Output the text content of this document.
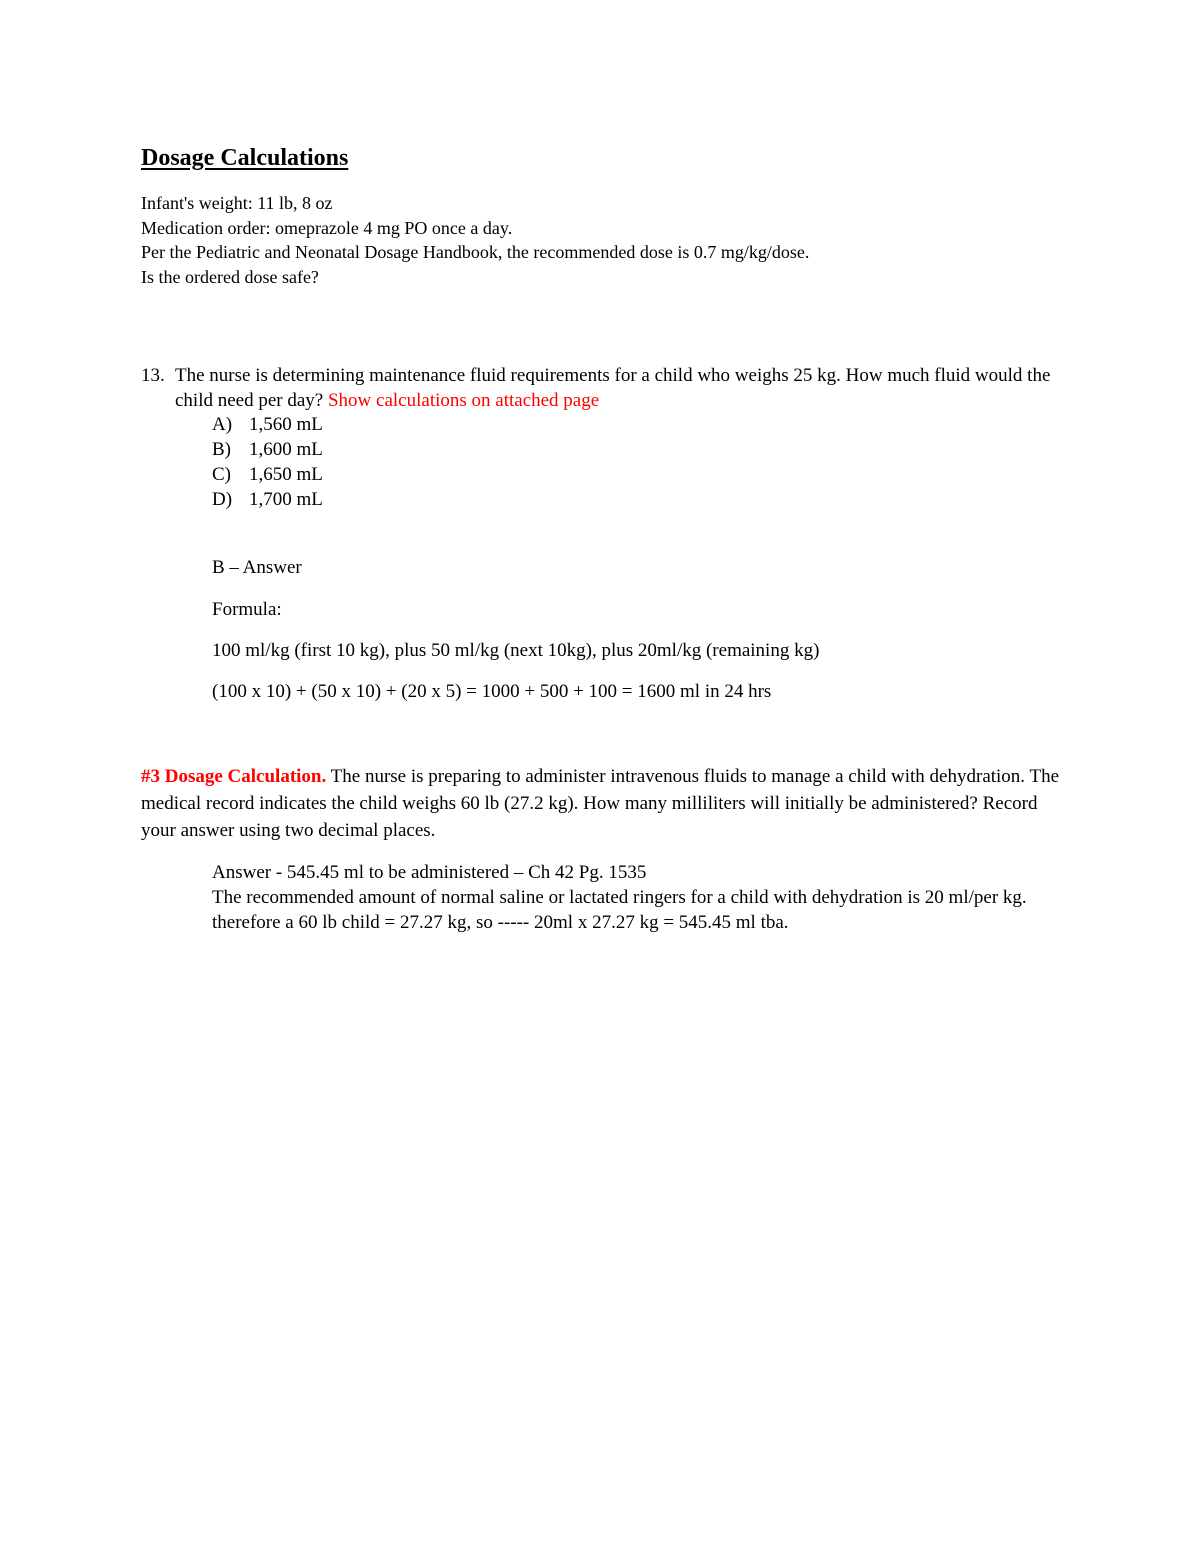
Dosage Calculations
Infant's weight: 11 lb, 8 oz
Medication order: omeprazole 4 mg PO once a day.
Per the Pediatric and Neonatal Dosage Handbook, the recommended dose is 0.7 mg/kg/dose.
Is the ordered dose safe?
13. The nurse is determining maintenance fluid requirements for a child who weighs 25 kg. How much fluid would the child need per day? Show calculations on attached page
A) 1,560 mL
B) 1,600 mL
C) 1,650 mL
D) 1,700 mL
B – Answer
Formula:
100 ml/kg (first 10 kg), plus 50 ml/kg (next 10kg), plus 20ml/kg (remaining kg)
(100 x 10) + (50 x 10) + (20 x 5) = 1000 + 500 + 100 = 1600 ml in 24 hrs
#3 Dosage Calculation. The nurse is preparing to administer intravenous fluids to manage a child with dehydration. The medical record indicates the child weighs 60 lb (27.2 kg). How many milliliters will initially be administered? Record your answer using two decimal places.
Answer - 545.45 ml to be administered – Ch 42 Pg. 1535
The recommended amount of normal saline or lactated ringers for a child with dehydration is 20 ml/per kg. therefore a 60 lb child = 27.27 kg, so ----- 20ml x 27.27 kg = 545.45 ml tba.
